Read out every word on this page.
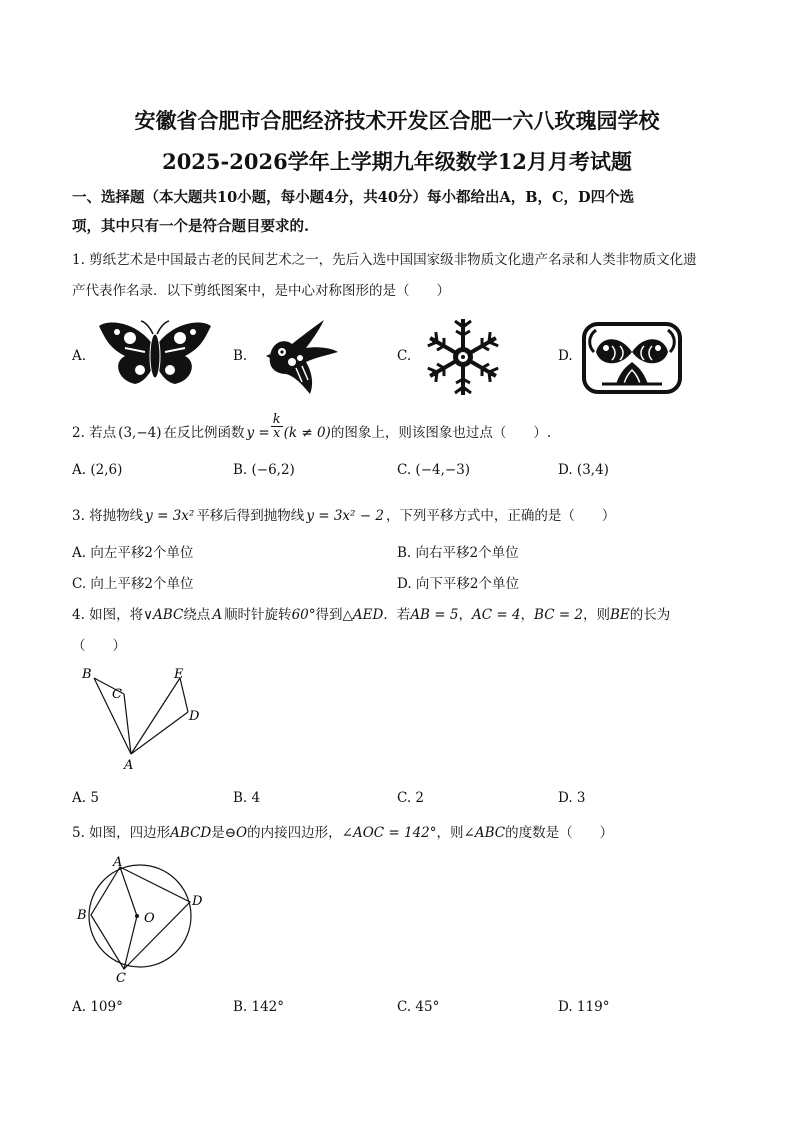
安徽省合肥市合肥经济技术开发区合肥一六八玫瑰园学校
2025-2026学年上学期九年级数学12月月考试题
一、选择题（本大题共10小题，每小题4分，共40分）每小都给出A，B，C，D四个选
项，其中只有一个是符合题目要求的.
1. 剪纸艺术是中国最古老的民间艺术之一，先后入选中国国家级非物质文化遗产名录和人类非物质文化遗
产代表作名录．以下剪纸图案中，是中心对称图形的是（　　）
A.	B.	C.	D.
2. 若点 (3,−4) 在反比例函数 $y = \frac{k}{x} (k \ne 0)$的图象上，则该图象也过点（　　）.
A. (2,6)	B. (−6,2)	C. (−4,−3)	D. (3,4)
3. 将抛物线 y = 3x² 平移后得到抛物线 y = 3x² − 2 ，下列平移方式中，正确的是（　　）
A. 向左平移2个单位	B. 向右平移2个单位
C. 向上平移2个单位	D. 向下平移2个单位
4. 如图，将∨ABC绕点 A 顺时针旋转60°得到△AED．若AB = 5，AC = 4，BC = 2，则BE的长为
（　　）
B
C
E
D
A
A. 5	B. 4	C. 2	D. 3
5. 如图，四边形ABCD是⊖O的内接四边形，∠AOC = 142°，则∠ABC的度数是（　　）
A
B	O
D
C
A. 109°	B. 142°	C. 45°	D. 119°
